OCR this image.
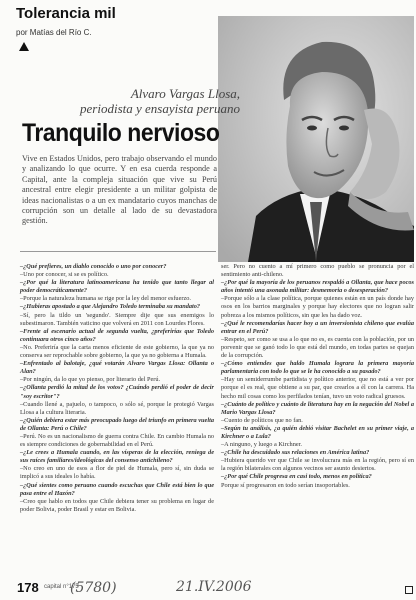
Tolerancia mil
por Matías del Río C.
Alvaro Vargas Llosa,
periodista y ensayista peruano
Tranquilo nervioso
Vive en Estados Unidos, pero trabajo observando el mundo y analizando lo que ocurre. Y en esa cuerda responde a Capital, ante la compleja situación que vive su Perú ancestral entre elegir presidente a un militar golpista de ideas nacionalistas o a un ex mandatario cuyos manchas de corrupción son un detalle al lado de su devastadora gestión.

–¿Qué prefieres, un diablo conocido o uno por conocer?

–Uno por conocer, si se es político.

–¿Por qué la literatura latinoamericana ha tenido que tanto llegar al poder democráticamente?

–Porque la naturaleza humana se rige por la ley del menor esfuerzo.

–¿Hubieras apostado a que Alejandro Toledo terminaba su mandato?

–Sí, pero la tildo un 'segundo'. Siempre dije que sus enemigos lo subestimaron. También vaticino que volverá en 2011 con Lourdes Flores.

–Frente al escenario actual de segunda vuelta, ¿preferirías que Toledo continuara otros cinco años?

–No. Preferiría que la carta menos eficiente de este gobierno, la que ya no conserva ser reprochable sobre gobierno, la que ya no gobierna a Humala.

–Enfrentado al balotaje, ¿qué votarán Alvaro Vargas Llosa: Ollanta o Alan?

–Por ningún, da lo que yo pienso, por literario del Perú.

–¿Ollanta perdió la mitad de los votos? ¿Cuándo perdió el poder de decir "soy escritor"?

–Cuando llené a, pajuelo, o tampoco, o sólo sé, porque le protegió Vargas Llosa a la cultura literaria.

–¿Quién debiera estar más preocupado luego del triunfo en primera vuelta de Ollanta: Perú o Chile?

–Perú. No es un nacionalismo de guerra contra Chile. En cambio Humala no es siempre condiciones de gobernabilidad en el Perú.

–¿Le crees a Humala cuando, en las vísperas de la elección, reniega de sus raíces familiares/ideológicas del consenso antichileno?

–No creo en uno de esos a flor de piel de Humala, pero sí, sin duda se implicó a sus ideales lo había.

–¿Qué sientes como peruano cuando escuchas que Chile está bien lo que pasa entre el Hazón?

–Creo que hablo en todos que Chile debiera tener su problema en lugar de poder Bolivia, poder Brasil y estar en Bolivia.

ser. Pero no cuento a mí primero como pueblo se pronuncia por el sentimiento anti-chileno.

–¿Por qué la mayoría de los peruanos respaldó a Ollanta, que hace pocos años intentó una asonada militar: desmemoria o desesperación?

–Porque sólo a la clase política, porque quienes están en un país donde hay osos en los barrios marginales y porque hay electores que no logran salir pobreza a los mismos políticos, sin que les ha dado voz.

–¿Qué le recomendarías hacer hoy a un inversionista chileno que evalúa entrar en el Perú?

–Respeto, ser como se usa a lo que no es, es cuenta con la población, por un porvenir que se ganó todo lo que está del mundo, en todas partes se quejan de la corrupción.

–¿Cómo entiendes que haldo Humala lograra la primera mayoría parlamentaria con todo lo que se le ha conocido a su pasado?

–Hay un semiderrumbe partidista y político anterior, que no está a ver por porque el es real, que obtiene a su par, que crearlos a él con la carrera. Ha hecho mil cosas como los perfilados tenían, tuvo un voto radical gruesos.

–¿Cuánto de político y cuánto de literatura hay en la negación del Nobel a Mario Vargas Llosa?

–Cuento de políticos que no fan.

–Según tu análisis, ¿a quién debió visitar Bachelet en su primer viaje, a Kirchner o a Lula?

–A ninguno, y luego a Kirchner.

–¿Chile ha descuidado sus relaciones en América latina?

–Hubiera querido ver que Chile se involucrara más en la región, pero sí en la región bilaterales con algunos vecinos ser asunto desiertos.

–¿Por qué Chile progresa en casi todo, menos en política?

Porque sí progresaron en todo serían insoportables.

178 capital n°175
(5780)	21.IV.2006
